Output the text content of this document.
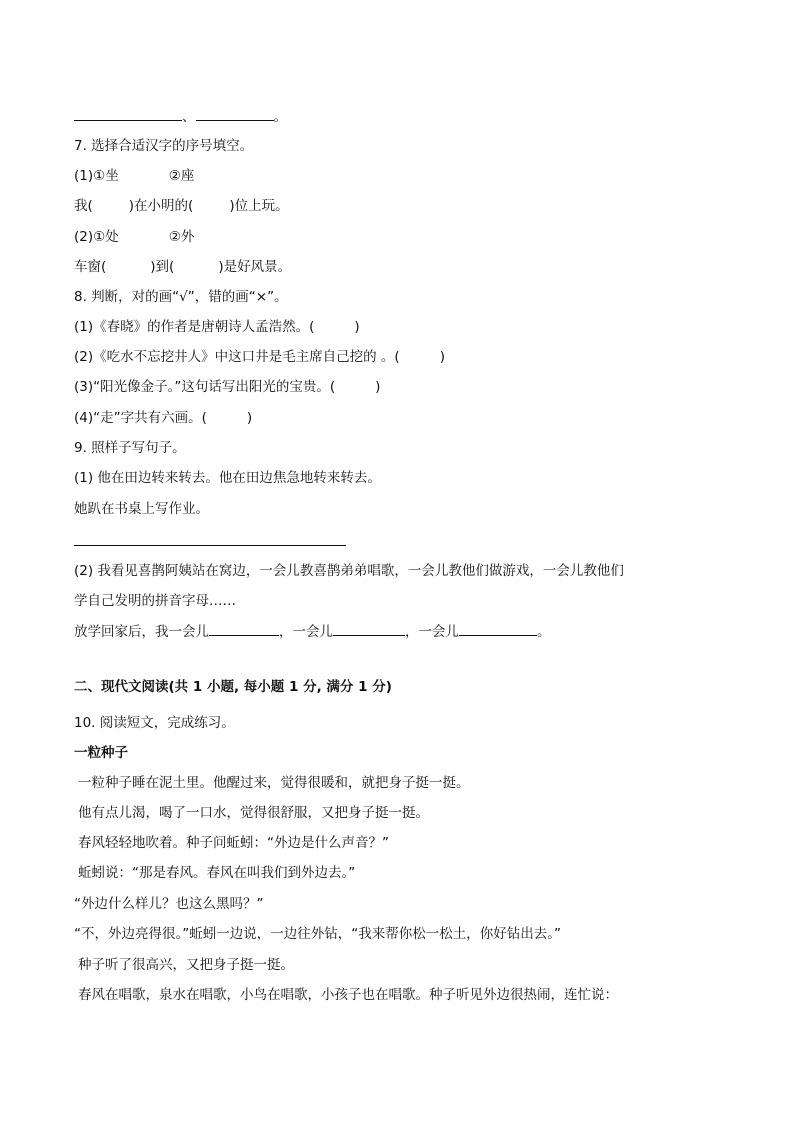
、	。
7. 选择合适汉字的序号填空。
(1)①坐	②座
我(	)在小明的(	)位上玩。
(2)①处	②外
车窗(	)到(	)是好风景。
8. 判断，对的画“√”，错的画“×”。
(1)《春晓》的作者是唐朝诗人孟浩然。(	)
(2)《吃水不忘挖井人》中这口井是毛主席自己挖的 。(	)
(3)“阳光像金子。”这句话写出阳光的宝贵。(	)
(4)“走”字共有六画。(	)
9. 照样子写句子。
(1) 他在田边转来转去。他在田边焦急地转来转去。
她趴在书桌上写作业。
(2) 我看见喜鹊阿姨站在窝边，一会儿教喜鹊弟弟唱歌，一会儿教他们做游戏，一会儿教他们
学自己发明的拼音字母……
放学回家后，我一会儿	，一会儿	，一会儿	。
二、现代文阅读(共 1 小题, 每小题 1 分, 满分 1 分)
10. 阅读短文，完成练习。
一粒种子
一粒种子睡在泥土里。他醒过来，觉得很暖和，就把身子挺一挺。
他有点儿渴，喝了一口水，觉得很舒服，又把身子挺一挺。
春风轻轻地吹着。种子问蚯蚓：“外边是什么声音？”
蚯蚓说：“那是春风。春风在叫我们到外边去。”
“外边什么样儿？也这么黑吗？”
“不，外边亮得很。”蚯蚓一边说，一边往外钻，“我来帮你松一松土，你好钻出去。”
种子听了很高兴，又把身子挺一挺。
春风在唱歌，泉水在唱歌，小鸟在唱歌，小孩子也在唱歌。种子听见外边很热闹，连忙说：
